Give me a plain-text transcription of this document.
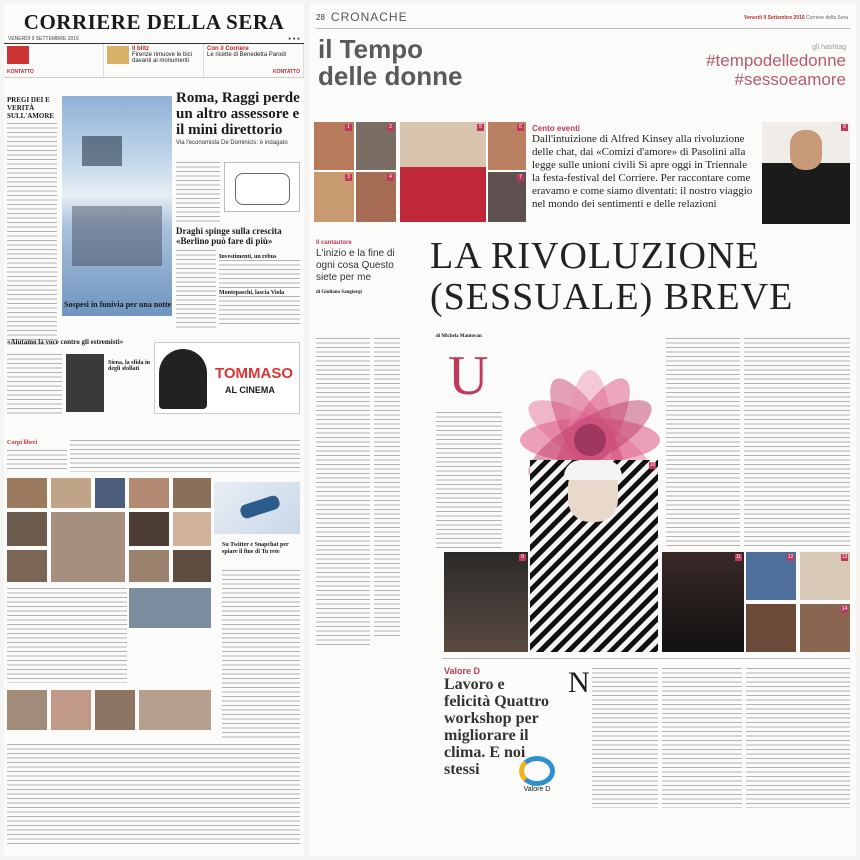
CORRIERE DELLA SERA
VENERDÌ 9 SETTEMBRE 2016	● ● ●
KONTATTO
Il blitz
Firenze rimuove le bici davanti ai monumenti
Con il Corriere
Le ricette di Benedetta Parodi
KONTATTO
PREGI DEI E VERITÀ SULL'AMORE
Sospesi in funivia per una notte
Roma, Raggi perde un altro assessore e il mini direttorio
Via l'economista De Dominicis: è indagato
Draghi spinge sulla crescita «Berlino può fare di più»
Investimenti, un rebus
Montepaschi, lascia Viola
«Aiutamo la voce contro gli estremisti»
Siena, la sfida in degli sfollati	TOMMASO
AL CINEMA
Corpi liberi
Su Twitter e Snapchat per spiare il fine di Tu rete
28 CRONACHE	Venerdì 9 Settembre 2016 Corriere della Sera
il Tempo
delle donne
gli hashtag
#tempodelledonne
#sessoeamore
1	2
3	4
5	6
7
Cento eventi
Dall'intuizione di Alfred Kinsey alla rivoluzione delle chat, dai «Comizi d'amore» di Pasolini alla legge sulle unioni civili Si apre oggi in Triennale la festa-festival del Corriere. Per raccontare come eravamo e come siamo diventati: il nostro viaggio nel mondo dei sentimenti e delle relazioni
8
Il cantautore
L'inizio e la fine di ogni cosa Questo siete per me
di Giuliano Sangiorgi
LA RIVOLUZIONE
(SESSUALE) BREVE
di Michela Mantovan
U
9
10
11	12	13
14
Valore D
Lavoro e felicità Quattro workshop per migliorare il clima. E noi stessi
Valore D
N
